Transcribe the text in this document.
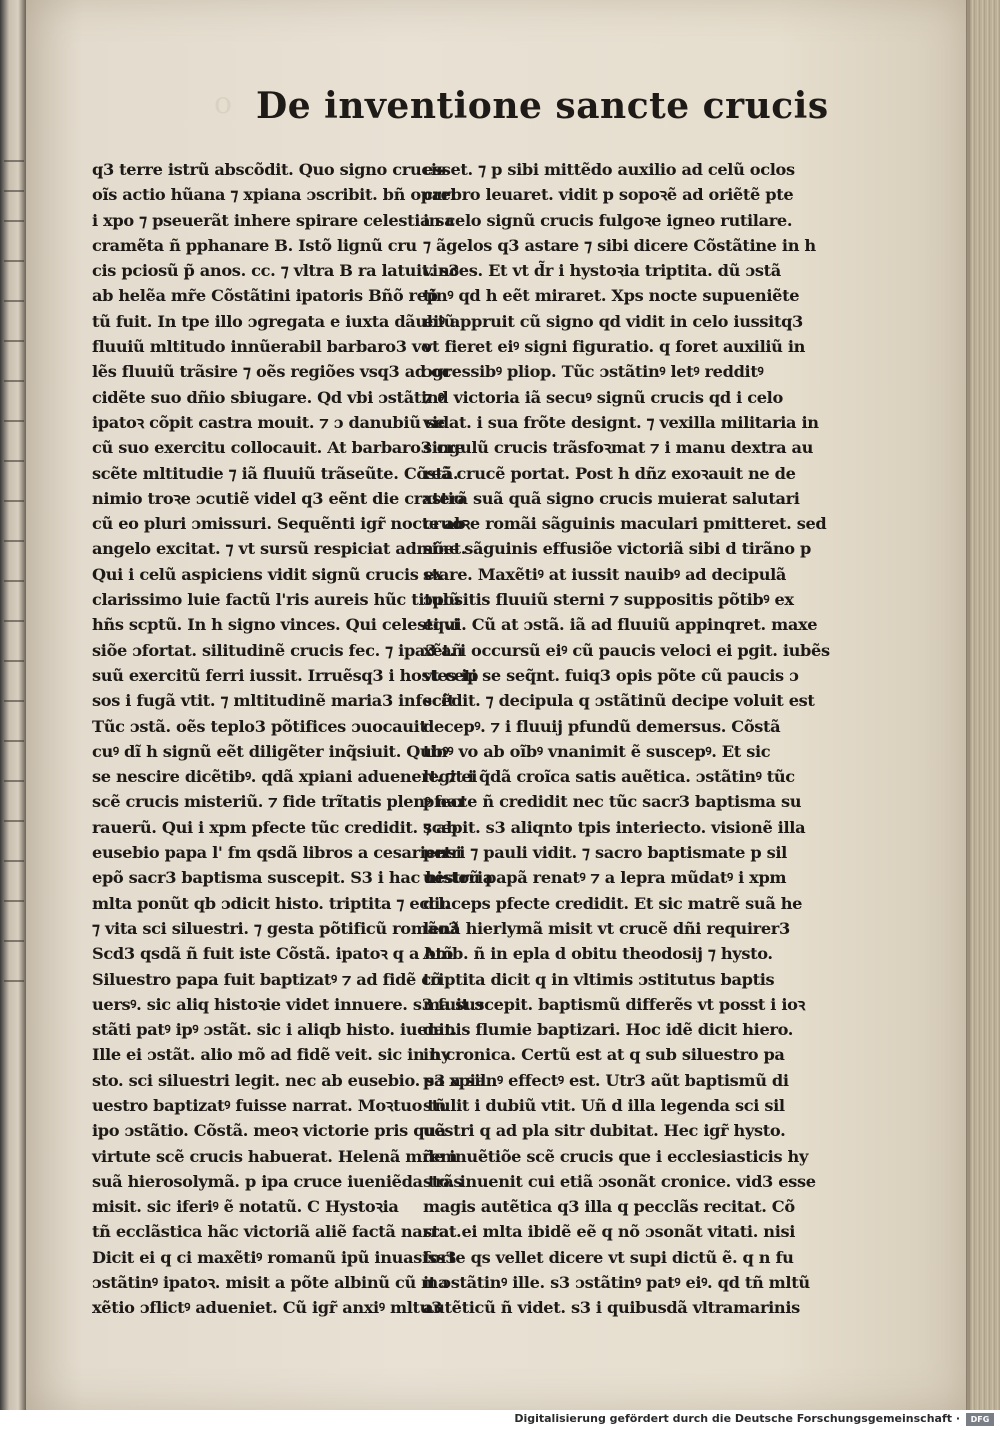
o De inventione sancte crucis
q3 terre istrũ abscõdit. Quo signo crucis
oĩs actio hũana ⁊ xpiana ɔscribit. bñ opari
i xpo ⁊ pseuerãt inhere spirare celestia sa
cramẽta ñ pphanare B. Istõ lignũ cru
cis pciosũ p̃ anos. cc. ⁊ vltra B ra latuit. s3
ab helẽa mr̃e Cõstãtini ipatoris Bñõ rep̃
tũ fuit. In tpe illo ɔgregata e iuxta dãubiũ
fluuiũ mltitudo innũerabil barbaro3 vo
lẽs fluuiũ trãsire ⁊ oẽs regiões vsq3 ad oc
cidẽte suo dñio sbiugare. Qd vbi ɔstãtinꝰ
ipatoꝛ cõpit castra mouit. ⁊ ɔ danubiũ se
cũ suo exercitu collocauit. At barbaro3 cre
scẽte mltitudie ⁊ iã fluuiũ trãseũte. Cõstã.
nimio troꝛe ɔcutiẽ videl q3 eẽnt die crastio
cũ eo pluri ɔmissuri. Sequẽnti igr̃ nocte ab
angelo excitat. ⁊ vt sursũ respiciat admõet.
Qui i celũ aspiciens vidit signũ crucis ex
clarissimo luie factũ l'ris aureis hũc titulũ
hñs scptũ. In h signo vinces. Qui celesti vi
siõe ɔfortat. silitudinẽ crucis fec. ⁊ ipa3 añ
suũ exercitũ ferri iussit. Irruẽsq3 i hostes ip
sos i fugã vtit. ⁊ mltitudinẽ maria3 infecit
Tũc ɔstã. oẽs teplo3 põtifices ɔuocauit
cuꝰ dĩ h signũ eẽt diligẽter inq̃siuit. Qubꝰ
se nescire dicẽtibꝰ. qdã xpiani aduenert. ⁊ ei
scẽ crucis misteriũ. ⁊ fide trĩtatis plenꝰ nar
rauerũ. Qui i xpm pfecte tũc credidit. ⁊ ab
eusebio papa l' fm qsdã libros a cesariensi
epõ sacr3 baptisma suscepit. S3 i hac historia
mlta ponũt qb ɔdicit histo. triptita ⁊ eccl.
⁊ vita sci siluestri. ⁊ gesta põtificũ romão3
Scd3 qsdã ñ fuit iste Cõstã. ipatoꝛ q a btõ
Siluestro papa fuit baptizatꝰ ⁊ ad fidẽ cõ
uersꝰ. sic aliq histoꝛie videt innuere. s3 fuit ɔ
stãti patꝰ ipꝰ ɔstãt. sic i aliqb histo. iuenit.
Ille ei ɔstãt. alio mõ ad fidẽ veit. sic in hy
sto. sci siluestri legit. nec ab eusebio. s3 a sil
uestro baptizatꝰ fuisse narrat. Moꝛtuo tñ
ipo ɔstãtio. Cõstã. meoꝛ victorie pris quã
virtute scẽ crucis habuerat. Helenã mr̃em
suã hierosolymã. p ipa cruce iueniẽda trãs
misit. sic iferiꝰ ẽ notatũ. C Hystoꝛia
tñ ecclãstica hãc victoriã aliẽ factã narrat.
Dicit ei q ci maxẽtiꝰ romanũ ipũ inuasiss3
ɔstãtinꝰ ipatoꝛ. misit a põte albinũ cũ ma
xẽtio ɔflictꝰ adueniet. Cũ igr̃ anxiꝰ mltu3
esset. ⁊ p sibi mittẽdo auxilio ad celũ oclos
crebro leuaret. vidit p sopoꝛẽ ad oriẽtẽ pte
in celo signũ crucis fulgoꝛe igneo rutilare.
⁊ ãgelos q3 astare ⁊ sibi dicere Cõstãtine in h
vinces. Et vt d̃r i hystoꝛia triptita. dũ ɔstã
tinꝰ qd h eẽt miraret. Xps nocte supueniẽte
eiꝰ appruit cũ signo qd vidit in celo iussitq3
vt fieret eiꝰ signi figuratio. q foret auxiliũ in
ɔgressibꝰ pliop. Tũc ɔstãtinꝰ letꝰ redditꝰ
⁊ d victoria iã secuꝰ signũ crucis qd i celo
vidat. i sua frõte designt. ⁊ vexilla militaria in
singulũ crucis trãsfoꝛmat ⁊ i manu dextra au
reã crucẽ portat. Post h dñz exoꝛauit ne de
xterã suã quã signo crucis muierat salutari
cruoꝛe romãi sãguinis maculari pmitteret. sed
sine sãguinis effusiõe victoriã sibi d tirãno p
stare. Maxẽtiꝰ at iussit nauibꝰ ad decipulã
ɔpositis fluuiũ sterni ⁊ suppositis põtibꝰ ex
equi. Cũ at ɔstã. iã ad fluuiũ appinqret. maxe
xẽt. i occursũ eiꝰ cũ paucis veloci ei pgit. iubẽs
vt ceti se seq̃nt. fuiq3 opis põte cũ paucis ɔ
scẽdit. ⁊ decipula q ɔstãtinũ decipe voluit est
decepꝰ. ⁊ i fluuij pfundũ demersus. Cõstã
tinꝰ vo ab oĩbꝰ vnanimit ẽ suscepꝰ. Et sic
legit i q̃dã croĩca satis auẽtica. ɔstãtinꝰ tũc
pfecte ñ credidit nec tũc sacr3 baptisma su
scepit. s3 aliqnto tpis interiecto. visionẽ illa
petri ⁊ pauli vidit. ⁊ sacro baptismate p sil
uestrũ papã renatꝰ ⁊ a lepra mũdatꝰ i xpm
dinceps pfecte credidit. Et sic matrẽ suã he
lenã hierlymã misit vt crucẽ dñi requirer3
Amb. ñ in epla d obitu theodosij ⁊ hysto.
triptita dicit q in vltimis ɔstitutus baptis
ma suscepit. baptismũ differẽs vt posst i ioꝛ
danis flumie baptizari. Hoc idẽ dicit hiero.
in cronica. Certũ est at q sub siluestro pa
pa xpianꝰ effectꝰ est. Utr3 aũt baptismũ di
stulit i dubiũ vtit. Uñ d illa legenda sci sil
uestri q ad pla sitr dubitat. Hec igr̃ hysto.
de inuẽtiõe scẽ crucis que i ecclesiasticis hy
sto. inuenit cui etiã ɔsonãt cronice. vid3 esse
magis autẽtica q3 illa q pecclãs recitat. Cõ
stat ei mlta ibidẽ eẽ q nõ ɔsonãt vitati. nisi
forte qs vellet dicere vt supi dictũ ẽ. q n fu
it ɔstãtinꝰ ille. s3 ɔstãtinꝰ patꝰ eiꝰ. qd tñ mltũ
autẽticũ ñ videt. s3 i quibusdã vltramarinis
Digitalisierung gefördert durch die Deutsche Forschungsgemeinschaft ·	DFG
